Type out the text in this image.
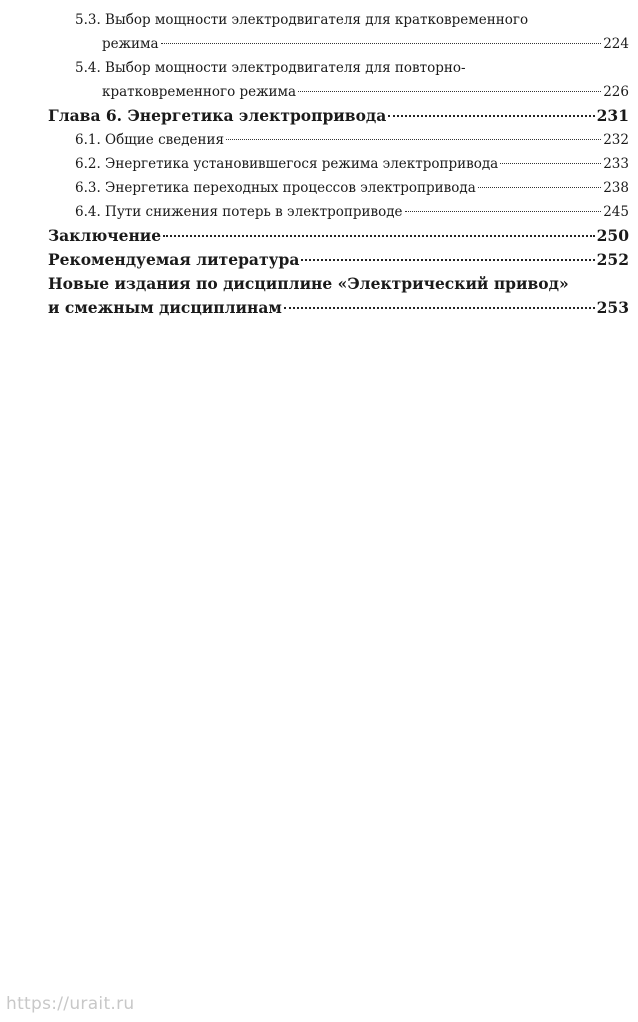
5.3. Выбор мощности электродвигателя для кратковременного
режима	224
5.4. Выбор мощности электродвигателя для повторно-
кратковременного режима	226
Глава 6. Энергетика электропривода	231
6.1. Общие сведения	232
6.2. Энергетика установившегося режима электропривода	233
6.3. Энергетика переходных процессов электропривода	238
6.4. Пути снижения потерь в электроприводе	245
Заключение	250
Рекомендуемая литература	252
Новые издания по дисциплине «Электрический привод»
и смежным дисциплинам	253
https://urait.ru
